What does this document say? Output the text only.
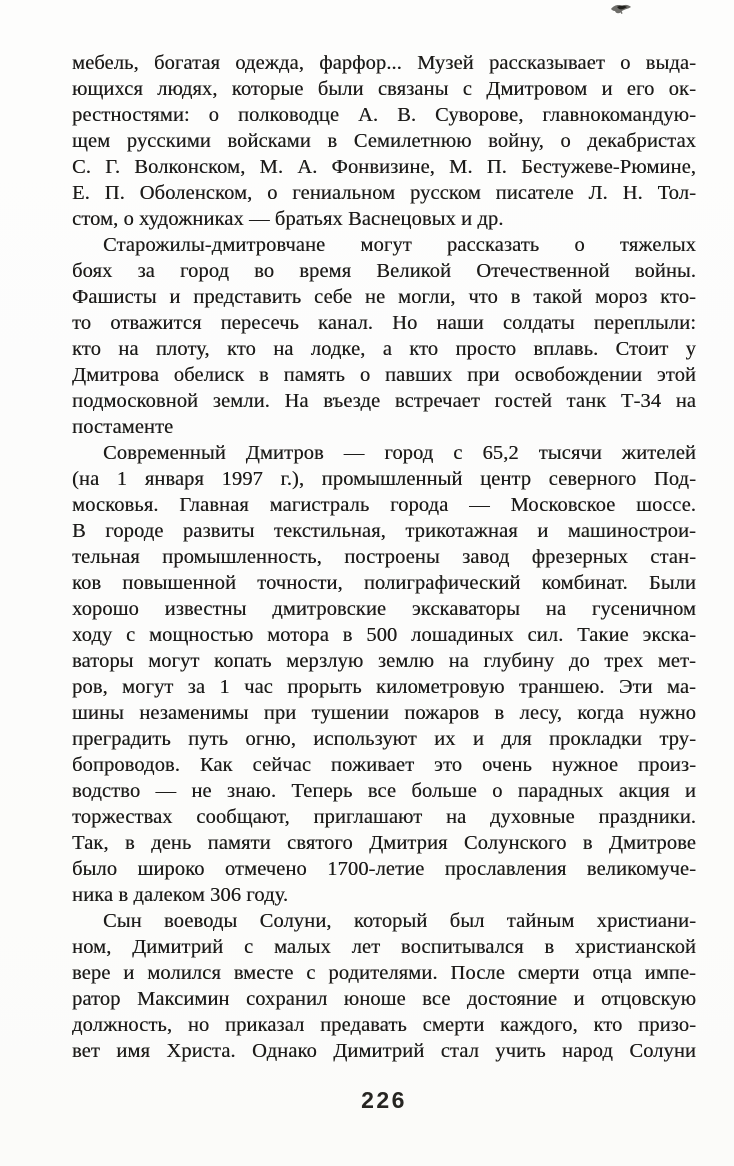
мебель, богатая одежда, фарфор... Музей рассказывает о выда-
ющихся людях, которые были связаны с Дмитровом и его ок-
рестностями: о полководце А. В. Суворове, главнокомандую-
щем русскими войсками в Семилетнюю войну, о декабристах
С. Г. Волконском, М. А. Фонвизине, М. П. Бестужеве-Рюмине,
Е. П. Оболенском, о гениальном русском писателе Л. Н. Тол-
стом, о художниках — братьях Васнецовых и др.
Старожилы-дмитровчане могут рассказать о тяжелых
боях за город во время Великой Отечественной войны.
Фашисты и представить себе не могли, что в такой мороз кто-
то отважится пересечь канал. Но наши солдаты переплыли:
кто на плоту, кто на лодке, а кто просто вплавь. Стоит у
Дмитрова обелиск в память о павших при освобождении этой
подмосковной земли. На въезде встречает гостей танк Т-34 на
постаменте
Современный Дмитров — город с 65,2 тысячи жителей
(на 1 января 1997 г.), промышленный центр северного Под-
московья. Главная магистраль города — Московское шоссе.
В городе развиты текстильная, трикотажная и машинострои-
тельная промышленность, построены завод фрезерных стан-
ков повышенной точности, полиграфический комбинат. Были
хорошо известны дмитровские экскаваторы на гусеничном
ходу с мощностью мотора в 500 лошадиных сил. Такие экска-
ваторы могут копать мерзлую землю на глубину до трех мет-
ров, могут за 1 час прорыть километровую траншею. Эти ма-
шины незаменимы при тушении пожаров в лесу, когда нужно
преградить путь огню, используют их и для прокладки тру-
бопроводов. Как сейчас поживает это очень нужное произ-
водство — не знаю. Теперь все больше о парадных акция и
торжествах сообщают, приглашают на духовные праздники.
Так, в день памяти святого Дмитрия Солунского в Дмитрове
было широко отмечено 1700-летие прославления великомуче-
ника в далеком 306 году.
Сын воеводы Солуни, который был тайным христиани-
ном, Димитрий с малых лет воспитывался в христианской
вере и молился вместе с родителями. После смерти отца импе-
ратор Максимин сохранил юноше все достояние и отцовскую
должность, но приказал предавать смерти каждого, кто призо-
вет имя Христа. Однако Димитрий стал учить народ Солуни
226
